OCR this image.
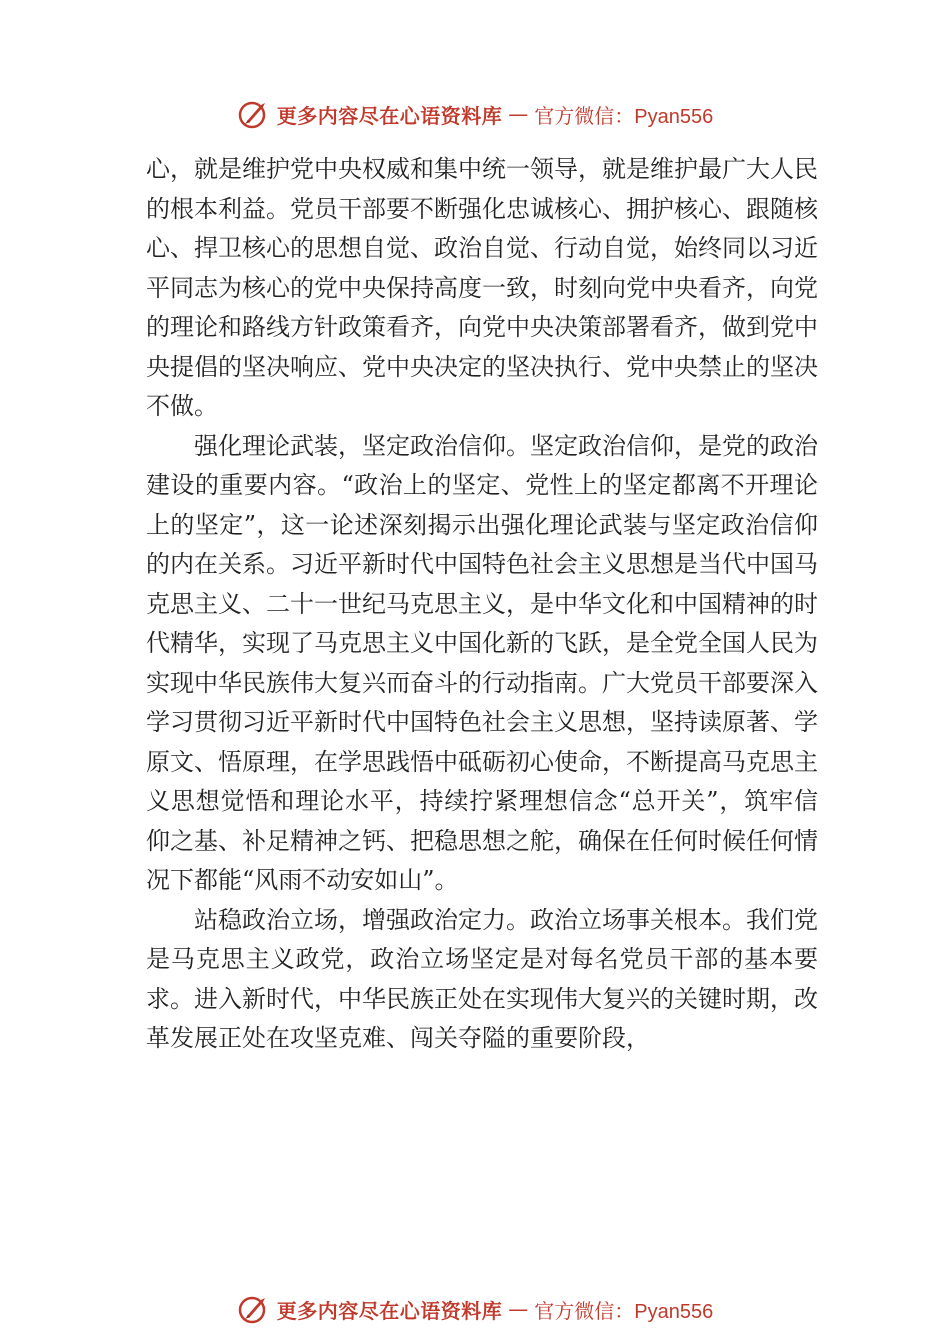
更多内容尽在心语资料库 — 官方微信：Pyan556

心，就是维护党中央权威和集中统一领导，就是维护最广大人民的根本利益。党员干部要不断强化忠诚核心、拥护核心、跟随核心、捍卫核心的思想自觉、政治自觉、行动自觉，始终同以习近平同志为核心的党中央保持高度一致，时刻向党中央看齐，向党的理论和路线方针政策看齐，向党中央决策部署看齐，做到党中央提倡的坚决响应、党中央决定的坚决执行、党中央禁止的坚决不做。

强化理论武装，坚定政治信仰。坚定政治信仰，是党的政治建设的重要内容。“政治上的坚定、党性上的坚定都离不开理论上的坚定”，这一论述深刻揭示出强化理论武装与坚定政治信仰的内在关系。习近平新时代中国特色社会主义思想是当代中国马克思主义、二十一世纪马克思主义，是中华文化和中国精神的时代精华，实现了马克思主义中国化新的飞跃，是全党全国人民为实现中华民族伟大复兴而奋斗的行动指南。广大党员干部要深入学习贯彻习近平新时代中国特色社会主义思想，坚持读原著、学原文、悟原理，在学思践悟中砥砺初心使命，不断提高马克思主义思想觉悟和理论水平，持续拧紧理想信念“总开关”，筑牢信仰之基、补足精神之钙、把稳思想之舵，确保在任何时候任何情况下都能“风雨不动安如山”。

站稳政治立场，增强政治定力。政治立场事关根本。我们党是马克思主义政党，政治立场坚定是对每名党员干部的基本要求。进入新时代，中华民族正处在实现伟大复兴的关键时期，改革发展正处在攻坚克难、闯关夺隘的重要阶段，

更多内容尽在心语资料库 — 官方微信：Pyan556
